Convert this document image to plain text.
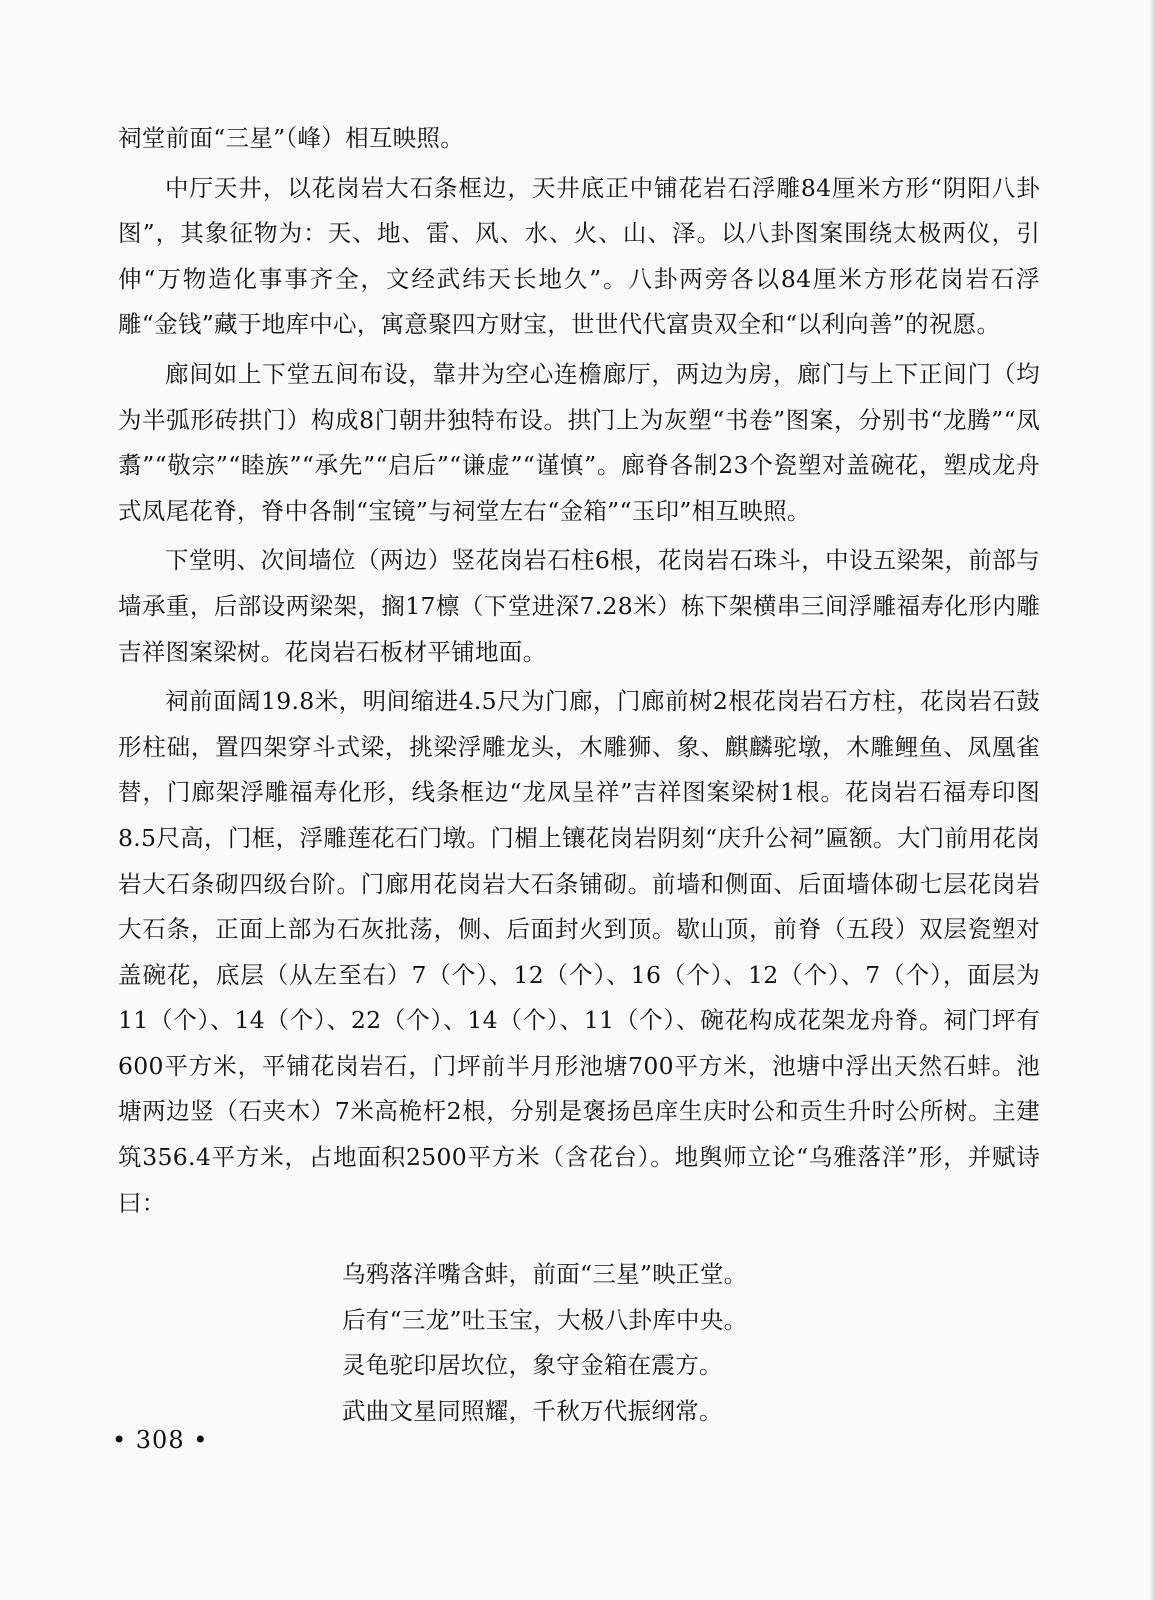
祠堂前面“三星”（峰）相互映照。

中厅天井，以花岗岩大石条框边，天井底正中铺花岩石浮雕84厘米方形“阴阳八卦图”，其象征物为：天、地、雷、风、水、火、山、泽。以八卦图案围绕太极两仪，引伸“万物造化事事齐全，文经武纬天长地久”。八卦两旁各以84厘米方形花岗岩石浮雕“金钱”藏于地库中心，寓意聚四方财宝，世世代代富贵双全和“以利向善”的祝愿。

廊间如上下堂五间布设，靠井为空心连檐廊厅，两边为房，廊门与上下正间门（均为半弧形砖拱门）构成8门朝井独特布设。拱门上为灰塑“书卷”图案，分别书“龙腾”“凤翥”“敬宗”“睦族”“承先”“启后”“谦虚”“谨慎”。廊脊各制23个瓷塑对盖碗花，塑成龙舟式凤尾花脊，脊中各制“宝镜”与祠堂左右“金箱”“玉印”相互映照。

下堂明、次间墙位（两边）竖花岗岩石柱6根，花岗岩石珠斗，中设五梁架，前部与墙承重，后部设两梁架，搁17檩（下堂进深7.28米）栋下架横串三间浮雕福寿化形内雕吉祥图案梁树。花岗岩石板材平铺地面。

祠前面阔19.8米，明间缩进4.5尺为门廊，门廊前树2根花岗岩石方柱，花岗岩石鼓形柱础，置四架穿斗式梁，挑梁浮雕龙头，木雕狮、象、麒麟驼墩，木雕鲤鱼、凤凰雀替，门廊架浮雕福寿化形，线条框边“龙凤呈祥”吉祥图案梁树1根。花岗岩石福寿印图8.5尺高，门框，浮雕莲花石门墩。门楣上镶花岗岩阴刻“庆升公祠”匾额。大门前用花岗岩大石条砌四级台阶。门廊用花岗岩大石条铺砌。前墙和侧面、后面墙体砌七层花岗岩大石条，正面上部为石灰批荡，侧、后面封火到顶。歇山顶，前脊（五段）双层瓷塑对盖碗花，底层（从左至右）7（个）、12（个）、16（个）、12（个）、7（个），面层为11（个）、14（个）、22（个）、14（个）、11（个）、碗花构成花架龙舟脊。祠门坪有600平方米，平铺花岗岩石，门坪前半月形池塘700平方米，池塘中浮出天然石蚌。池塘两边竖（石夹木）7米高桅杆2根，分别是褒扬邑庠生庆时公和贡生升时公所树。主建筑356.4平方米，占地面积2500平方米（含花台）。地舆师立论“乌雅落洋”形，并赋诗曰：

乌鸦落洋嘴含蚌，前面“三星”映正堂。
后有“三龙”吐玉宝，大极八卦库中央。
灵龟驼印居坎位，象守金箱在震方。
武曲文星同照耀，千秋万代振纲常。
• 308 •
